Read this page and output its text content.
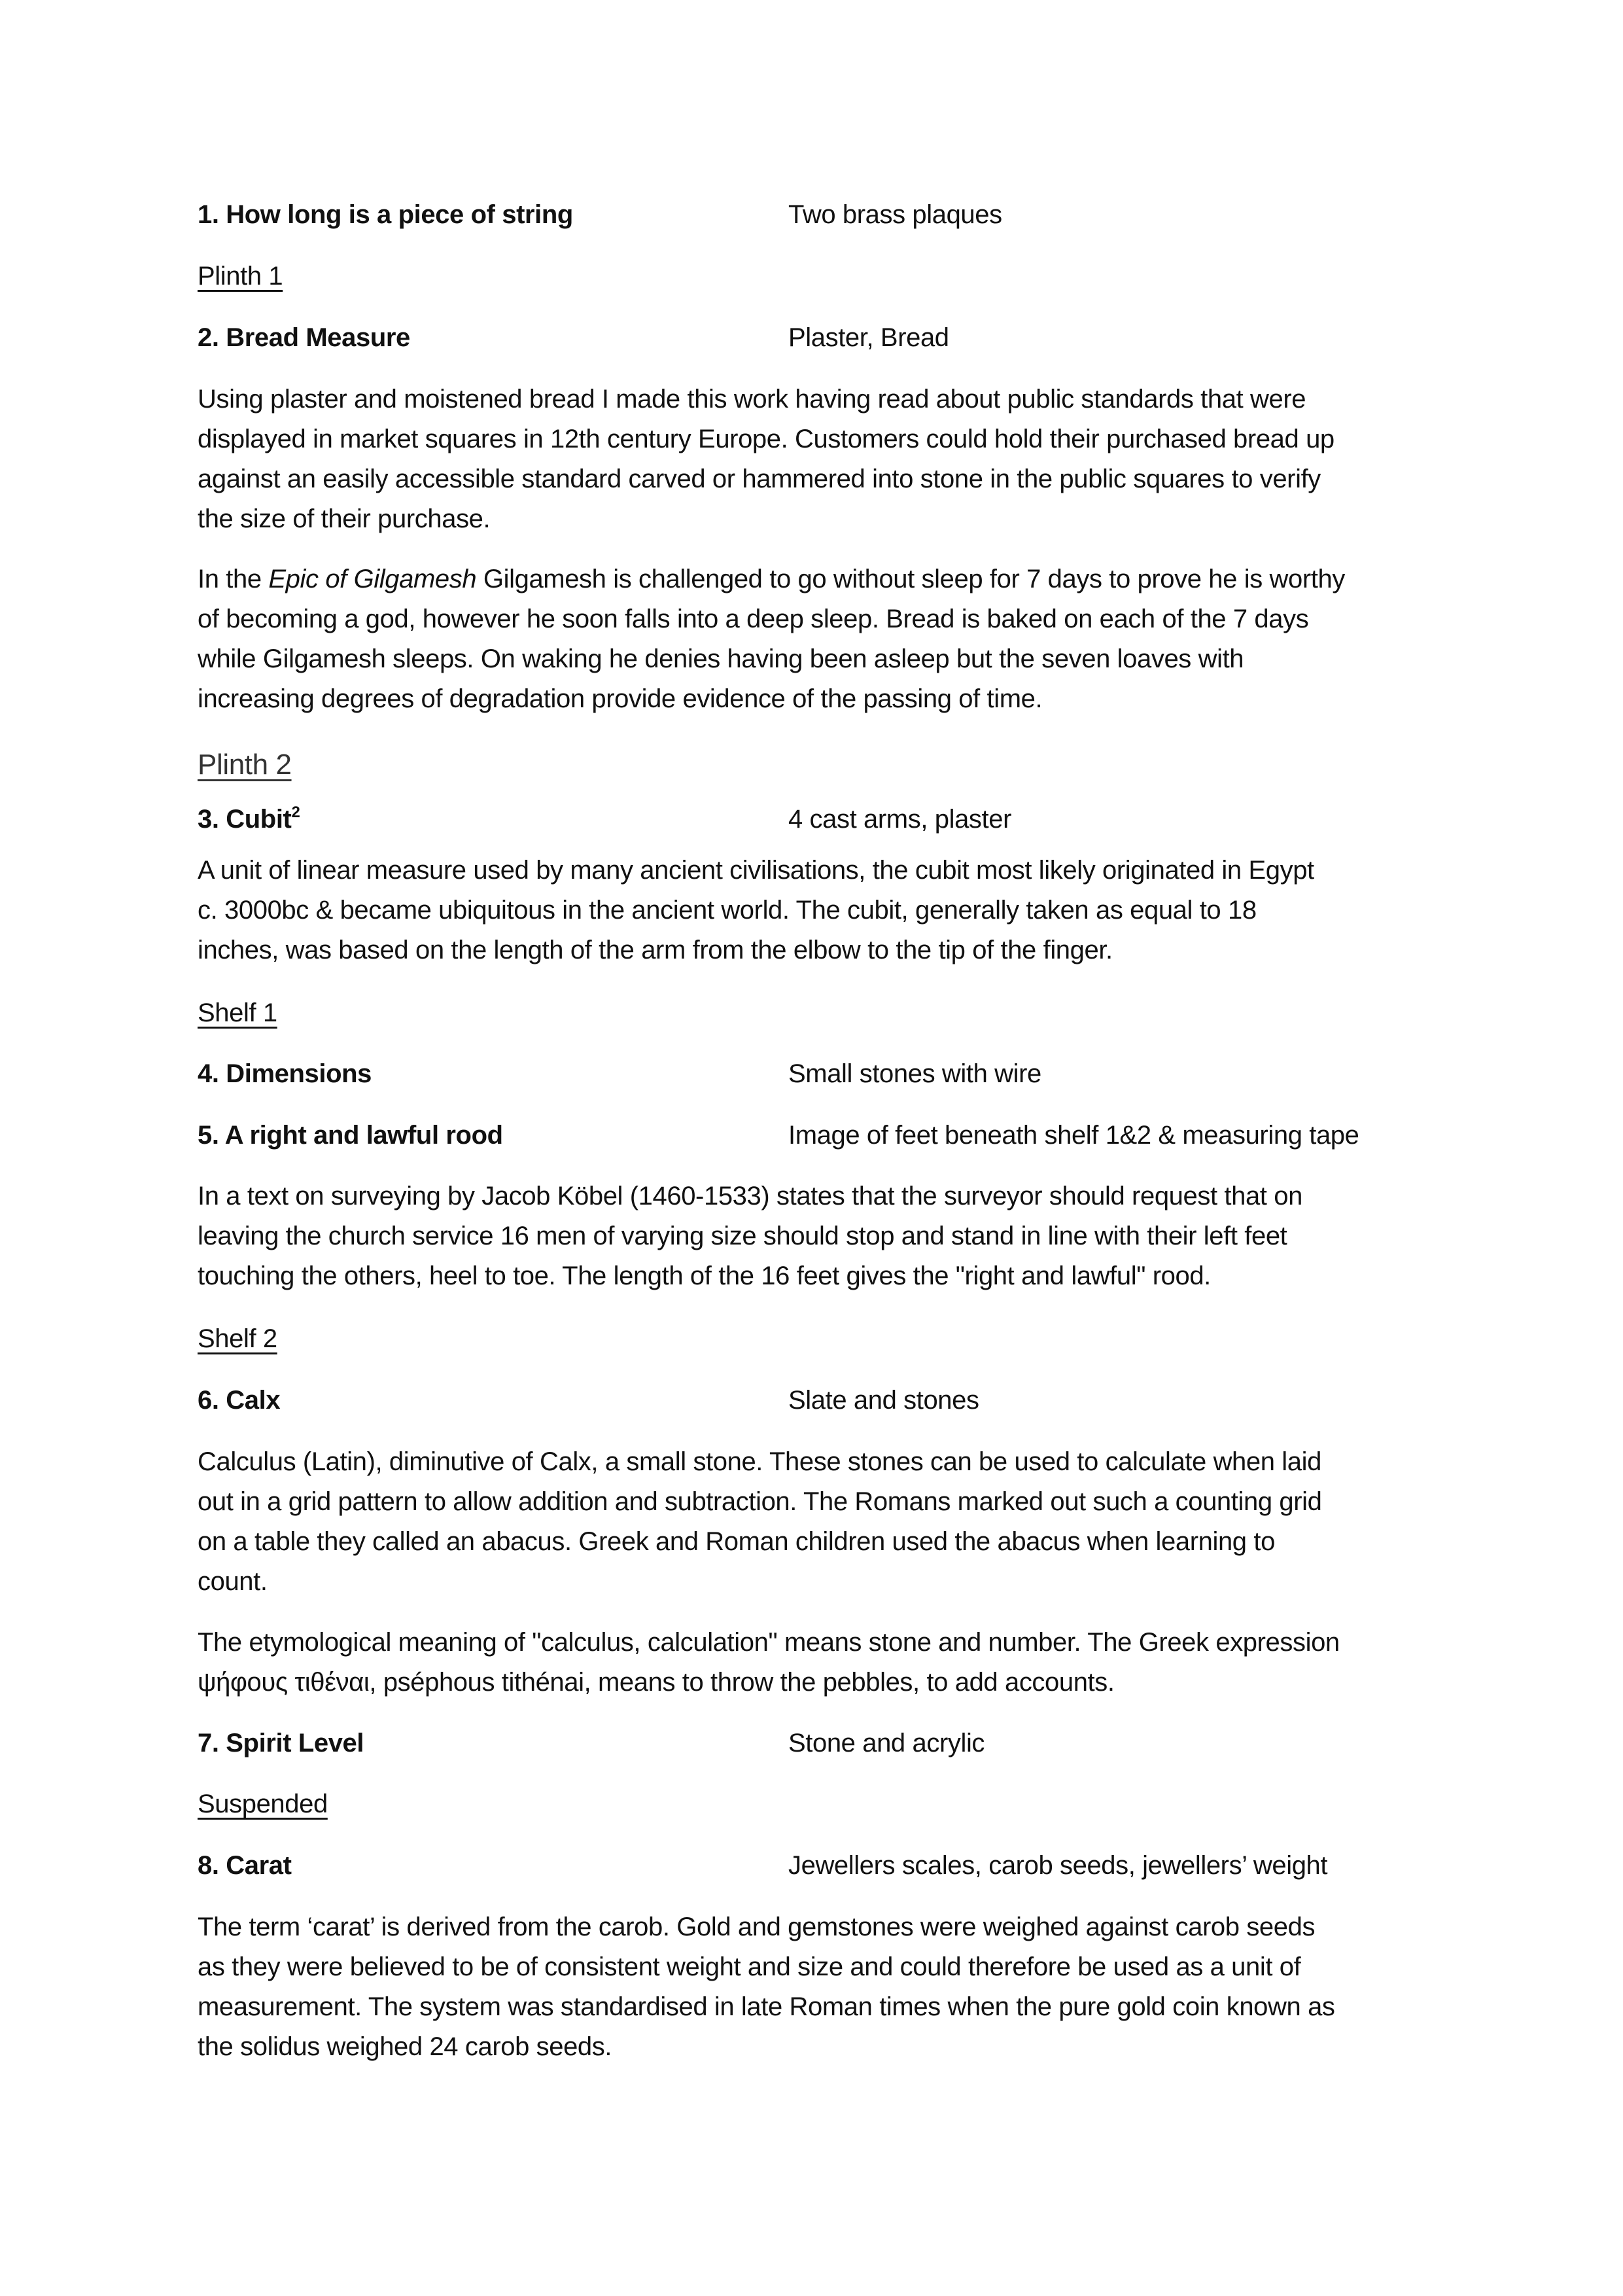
1. How long is a piece of string	Two brass plaques
Plinth 1
2. Bread Measure	Plaster, Bread

Using plaster and moistened bread I made this work having read about public standards that were

displayed in market squares in 12th century Europe. Customers could hold their purchased bread up

against an easily accessible standard carved or hammered into stone in the public squares to verify

the size of their purchase.

In the Epic of Gilgamesh Gilgamesh is challenged to go without sleep for 7 days to prove he is worthy

of becoming a god, however he soon falls into a deep sleep. Bread is baked on each of the 7 days

while Gilgamesh sleeps. On waking he denies having been asleep but the seven loaves with

increasing degrees of degradation provide evidence of the passing of time.

Plinth 2
3. Cubit$^2$	4 cast arms, plaster

A unit of linear measure used by many ancient civilisations, the cubit most likely originated in Egypt

c. 3000bc & became ubiquitous in the ancient world. The cubit, generally taken as equal to 18

inches, was based on the length of the arm from the elbow to the tip of the finger.

Shelf 1
4. Dimensions	Small stones with wire
5. A right and lawful rood	Image of feet beneath shelf 1&2 & measuring tape

In a text on surveying by Jacob Köbel (1460-1533) states that the surveyor should request that on

leaving the church service 16 men of varying size should stop and stand in line with their left feet

touching the others, heel to toe. The length of the 16 feet gives the "right and lawful" rood.

Shelf 2
6. Calx	Slate and stones

Calculus (Latin), diminutive of Calx, a small stone. These stones can be used to calculate when laid

out in a grid pattern to allow addition and subtraction. The Romans marked out such a counting grid

on a table they called an abacus. Greek and Roman children used the abacus when learning to

count.

The etymological meaning of "calculus, calculation" means stone and number. The Greek expression

ψήφους τιθέναι, pséphous tithénai, means to throw the pebbles, to add accounts.

7. Spirit Level	Stone and acrylic
Suspended
8. Carat	Jewellers scales, carob seeds, jewellers’ weight

The term ‘carat’ is derived from the carob. Gold and gemstones were weighed against carob seeds

as they were believed to be of consistent weight and size and could therefore be used as a unit of

measurement. The system was standardised in late Roman times when the pure gold coin known as

the solidus weighed 24 carob seeds.
